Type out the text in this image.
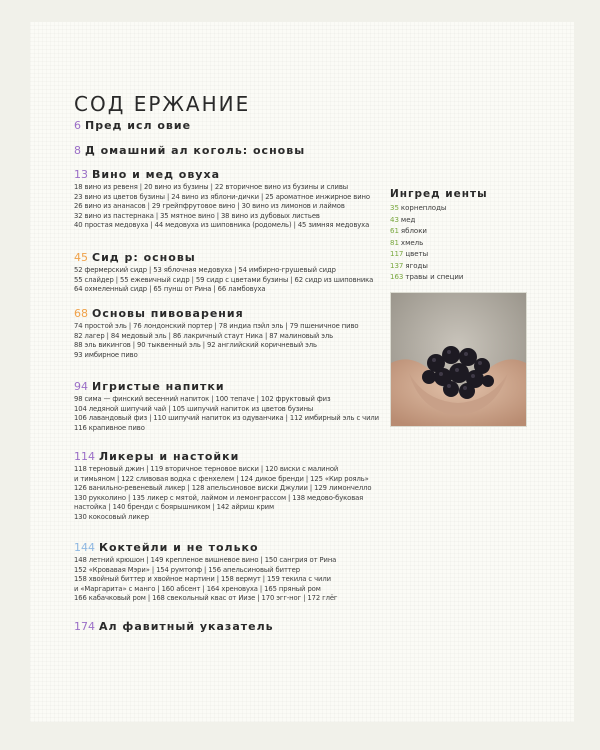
СОД ЕРЖАНИЕ
6 Пред исл овие
8 Д омашний ал коголь: основы
13 Вино и мед овуха
18 вино из ревеня | 20 вино из бузины | 22 вторичное вино из бузины и сливы
23 вино из цветов бузины | 24 вино из яблони-дички | 25 ароматное инжирное вино
26 вино из ананасов | 29 грейпфрутовое вино | 30 вино из лимонов и лаймов
32 вино из пастернака | 35 мятное вино | 38 вино из дубовых листьев
40 простая медовуха | 44 медовуха из шиповника (родомель) | 45 зимняя медовуха
45 Сид р: основы
52 фермерский сидр | 53 яблочная медовуха | 54 имбирно-грушевый сидр
55 слайдер | 55 ежевичный сидр | 59 сидр с цветами бузины | 62 сидр из шиповника
64 охмеленный сидр | 65 пунш от Рина | 66 ламбовуха
68 Основы пивоварения
74 простой эль | 76 лондонский портер | 78 индиа пэйл эль | 79 пшеничное пиво
82 лагер | 84 медовый эль | 86 лакричный стаут Ника | 87 малиновый эль
88 эль викингов | 90 тыквенный эль | 92 английский коричневый эль
93 имбирное пиво
94 Игристые напитки
98 сима — финский весенний напиток | 100 тепаче | 102 фруктовый физ
104 ледяной шипучий чай | 105 шипучий напиток из цветов бузины
106 лавандовый физ | 110 шипучий напиток из одуванчика | 112 имбирный эль с чили
116 крапивное пиво
114 Ликеры и настойки
118 терновый джин | 119 вторичное терновое виски | 120 виски с малиной
и тимьяном | 122 сливовая водка с фенхелем | 124 дикое бренди | 125 «Кир рояль»
126 ванильно-ревеневый ликер | 128 апельсиновое виски Джулии | 129 лимончелло
130 рукколино | 135 ликер с мятой, лаймом и лемонграссом | 138 медово-буковая
настойка | 140 бренди с боярышником | 142 айриш крим
130 кокосовый ликер
144 Коктейли и не только
148 летний крюшон | 149 крепленое вишневое вино | 150 сангрия от Рина
152 «Кровавая Мэри» | 154 румтопф | 156 апельсиновый биттер
158 хвойный биттер и хвойное мартини | 158 вермут | 159 текила с чили
и «Маргарита» с манго | 160 абсент | 164 хреновуха | 165 пряный ром
166 кабачковый ром | 168 свекольный квас от Иизе | 170 эгг-ног | 172 глёг
174 Ал фавитный указатель
Ингред иенты
35 корнеплоды
43 мед
61 яблоки
81 хмель
117 цветы
137 ягоды
163 травы и специи
